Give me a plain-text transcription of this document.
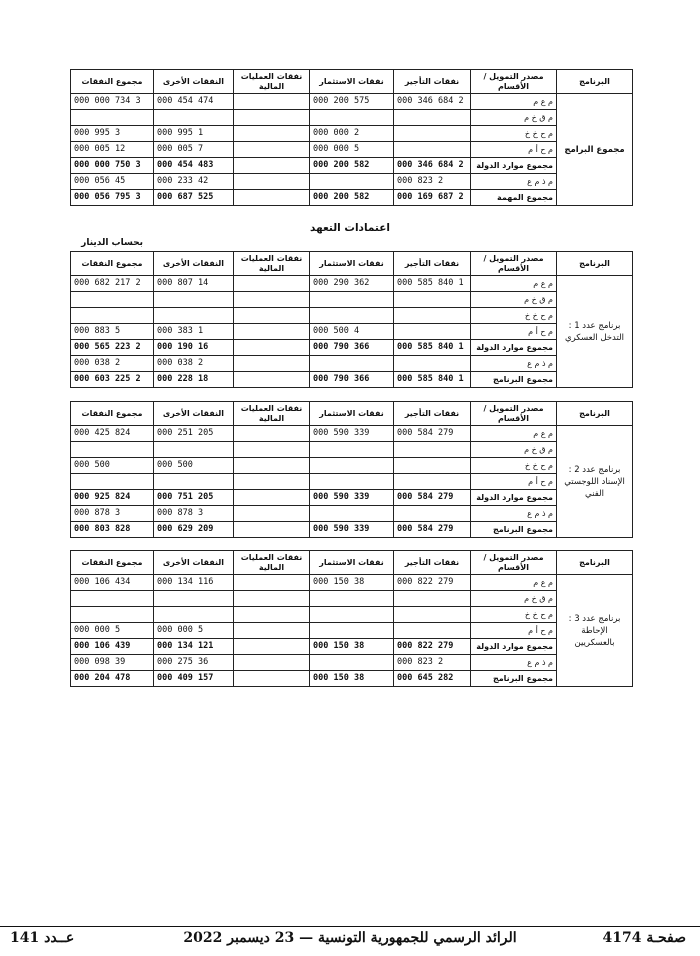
البرنامج	مصدر التمويل / الأقسام	نفقات التأجير	نفقات الاستثمار	نفقات العمليات المالية	النفقات الأخرى	مجموع النفقات
مجموع البرامج	م ع م	2 684 346 000	575 200 000		474 454 000	3 734 000 000
	م ق خ م					
	م ح خ خ		2 000 000		1 995 000	3 995 000
	م ح أ م		5 000 000		7 005 000	12 005 000
	مجموع موارد الدولة	2 684 346 000	582 200 000		483 454 000	3 750 000 000
	م ذ م ع	2 823 000			42 233 000	45 056 000
	مجموع المهمة	2 687 169 000	582 200 000		525 687 000	3 795 056 000
اعتمادات التعهد
بحساب الدينار
البرنامج	مصدر التمويل / الأقسام	نفقات التأجير	نفقات الاستثمار	نفقات العمليات المالية	النفقات الأخرى	مجموع النفقات
برنامج عدد 1 : التدخل العسكري	م ع م	1 840 585 000	362 290 000		14 807 000	2 217 682 000
	م ق خ م					
	م ح خ خ					
	م ح أ م		4 500 000		1 383 000	5 883 000
	مجموع موارد الدولة	1 840 585 000	366 790 000		16 190 000	2 223 565 000
	م ذ م ع				2 038 000	2 038 000
	مجموع البرنامج	1 840 585 000	366 790 000		18 228 000	2 225 603 000
البرنامج	مصدر التمويل / الأقسام	نفقات التأجير	نفقات الاستثمار	نفقات العمليات المالية	النفقات الأخرى	مجموع النفقات
برنامج عدد 2 : الإسناد اللوجستي الفني	م ع م	279 584 000	339 590 000		205 251 000	824 425 000
	م ق خ م					
	م ح خ خ				500 000	500 000
	م ح أ م					
	مجموع موارد الدولة	279 584 000	339 590 000		205 751 000	824 925 000
	م ذ م ع				3 878 000	3 878 000
	مجموع البرنامج	279 584 000	339 590 000		209 629 000	828 803 000
البرنامج	مصدر التمويل / الأقسام	نفقات التأجير	نفقات الاستثمار	نفقات العمليات المالية	النفقات الأخرى	مجموع النفقات
برنامج عدد 3 : الإحاطة بالعسكريين	م ع م	279 822 000	38 150 000		116 134 000	434 106 000
	م ق خ م					
	م ح خ خ					
	م ح أ م				5 000 000	5 000 000
	مجموع موارد الدولة	279 822 000	38 150 000		121 134 000	439 106 000
	م ذ م ع	2 823 000			36 275 000	39 098 000
	مجموع البرنامج	282 645 000	38 150 000		157 409 000	478 204 000
صفحـة 4174
الرائد الرسمي للجمهورية التونسية — 23 ديسمبر 2022
عــدد 141
